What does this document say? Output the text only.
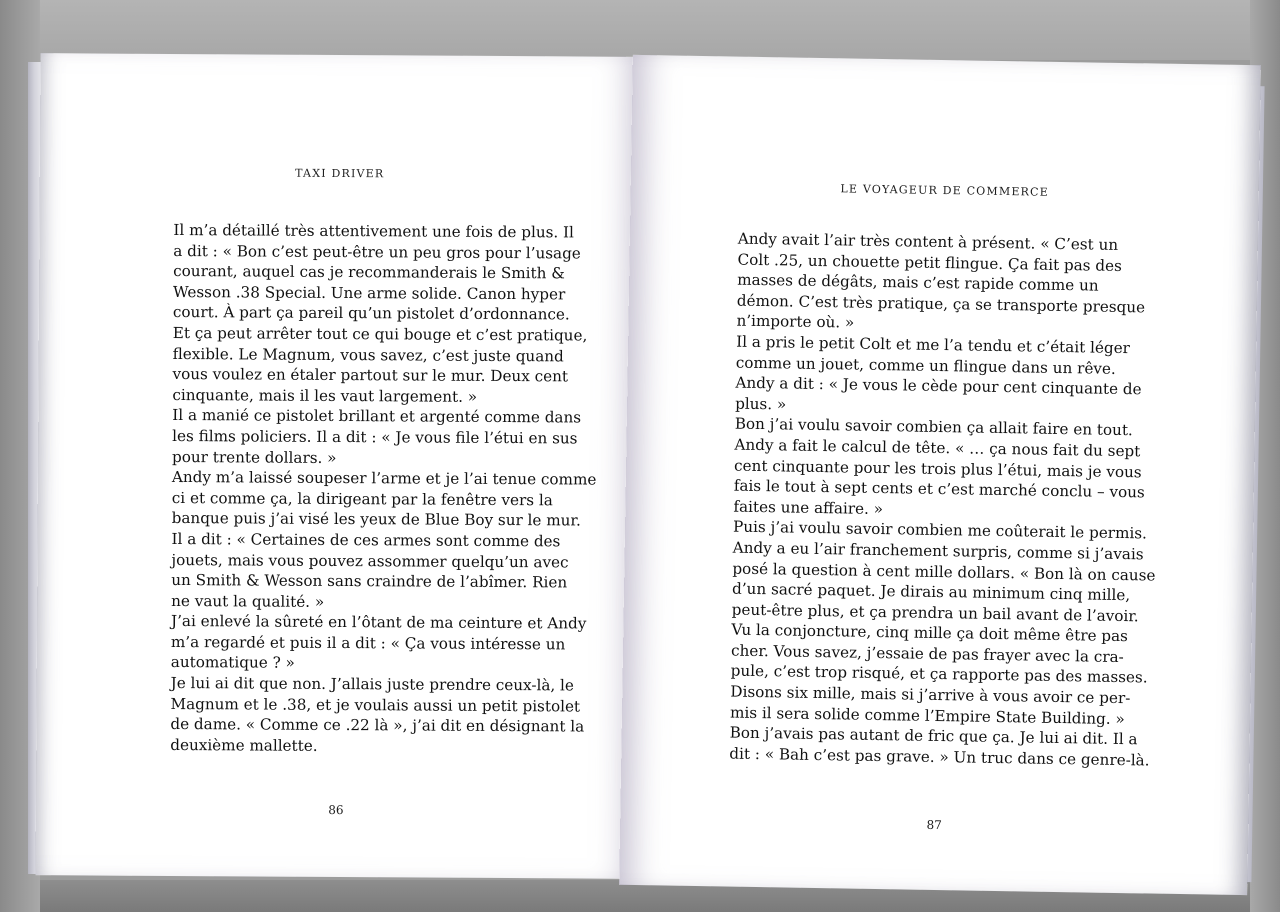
TAXI DRIVER
Il m’a détaillé très attentivement une fois de plus. Il
a dit : « Bon c’est peut-être un peu gros pour l’usage
courant, auquel cas je recommanderais le Smith &
Wesson .38 Special. Une arme solide. Canon hyper
court. À part ça pareil qu’un pistolet d’ordonnance.
Et ça peut arrêter tout ce qui bouge et c’est pratique,
flexible. Le Magnum, vous savez, c’est juste quand
vous voulez en étaler partout sur le mur. Deux cent
cinquante, mais il les vaut largement. »
Il a manié ce pistolet brillant et argenté comme dans
les films policiers. Il a dit : « Je vous file l’étui en sus
pour trente dollars. »
Andy m’a laissé soupeser l’arme et je l’ai tenue comme
ci et comme ça, la dirigeant par la fenêtre vers la
banque puis j’ai visé les yeux de Blue Boy sur le mur.
Il a dit : « Certaines de ces armes sont comme des
jouets, mais vous pouvez assommer quelqu’un avec
un Smith & Wesson sans craindre de l’abîmer. Rien
ne vaut la qualité. »
J’ai enlevé la sûreté en l’ôtant de ma ceinture et Andy
m’a regardé et puis il a dit : « Ça vous intéresse un
automatique ? »
Je lui ai dit que non. J’allais juste prendre ceux-là, le
Magnum et le .38, et je voulais aussi un petit pistolet
de dame. « Comme ce .22 là », j’ai dit en désignant la
deuxième mallette.
86
LE VOYAGEUR DE COMMERCE
Andy avait l’air très content à présent. « C’est un
Colt .25, un chouette petit flingue. Ça fait pas des
masses de dégâts, mais c’est rapide comme un
démon. C’est très pratique, ça se transporte presque
n’importe où. »
Il a pris le petit Colt et me l’a tendu et c’était léger
comme un jouet, comme un flingue dans un rêve.
Andy a dit : « Je vous le cède pour cent cinquante de
plus. »
Bon j’ai voulu savoir combien ça allait faire en tout.
Andy a fait le calcul de tête. « … ça nous fait du sept
cent cinquante pour les trois plus l’étui, mais je vous
fais le tout à sept cents et c’est marché conclu – vous
faites une affaire. »
Puis j’ai voulu savoir combien me coûterait le permis.
Andy a eu l’air franchement surpris, comme si j’avais
posé la question à cent mille dollars. « Bon là on cause
d’un sacré paquet. Je dirais au minimum cinq mille,
peut-être plus, et ça prendra un bail avant de l’avoir.
Vu la conjoncture, cinq mille ça doit même être pas
cher. Vous savez, j’essaie de pas frayer avec la cra-
pule, c’est trop risqué, et ça rapporte pas des masses.
Disons six mille, mais si j’arrive à vous avoir ce per-
mis il sera solide comme l’Empire State Building. »
Bon j’avais pas autant de fric que ça. Je lui ai dit. Il a
dit : « Bah c’est pas grave. » Un truc dans ce genre-là.
87
